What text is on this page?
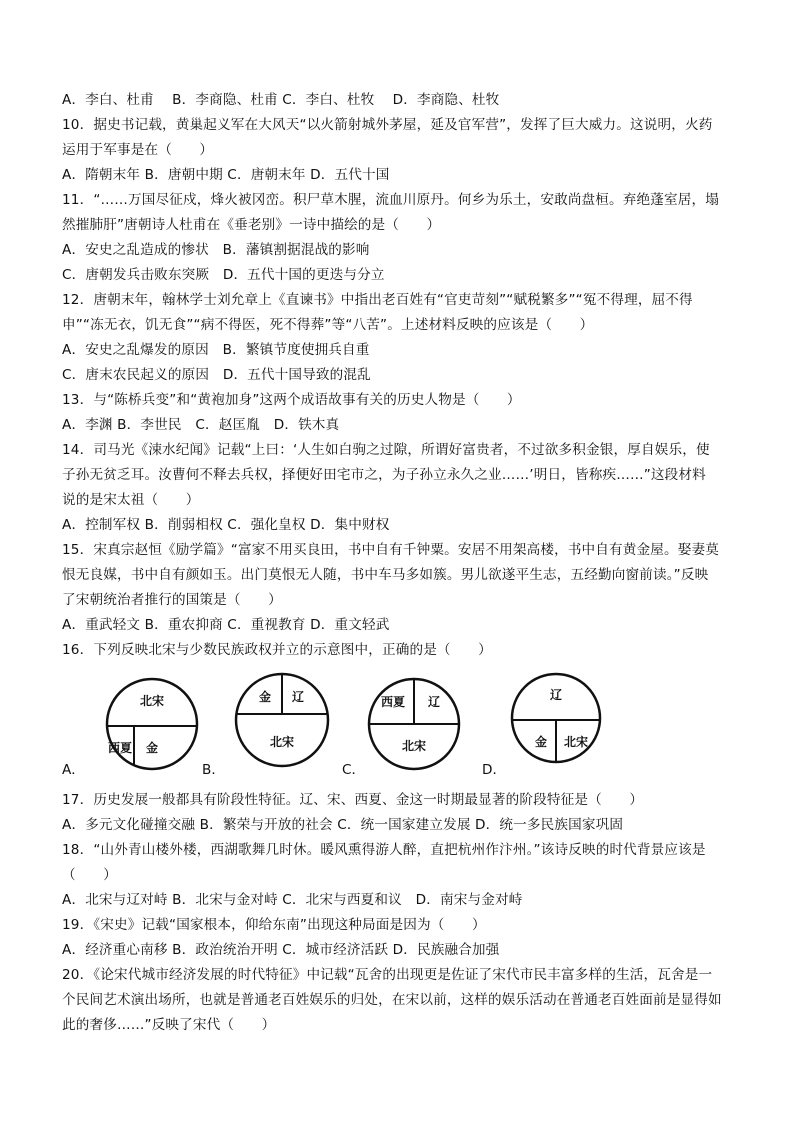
A．李白、杜甫　 B．李商隐、杜甫 C．李白、杜牧　 D．李商隐、杜牧
10．据史书记载，黄巢起义军在大风天“以火箭射城外茅屋，延及官军营”，发挥了巨大威力。这说明，火药
运用于军事是在（　　）
A．隋朝末年 B．唐朝中期 C．唐朝末年 D．五代十国
11．“……万国尽征戍，烽火被冈峦。积尸草木腥，流血川原丹。何乡为乐土，安敢尚盘桓。弃绝蓬室居，塌
然摧肺肝”唐朝诗人杜甫在《垂老别》一诗中描绘的是（　　）
A．安史之乱造成的惨状　B．藩镇割据混战的影响
C．唐朝发兵击败东突厥　D．五代十国的更迭与分立
12．唐朝末年，翰林学士刘允章上《直谏书》中指出老百姓有“官吏苛刻”“赋税繁多”“冤不得理，屈不得
申”“冻无衣，饥无食”“病不得医，死不得葬”等“八苦”。上述材料反映的应该是（　　）
A．安史之乱爆发的原因　B．繁镇节度使拥兵自重
C．唐末农民起义的原因　D．五代十国导致的混乱
13．与“陈桥兵变”和“黄袍加身”这两个成语故事有关的历史人物是（　　）
A．李渊 B．李世民　C．赵匡胤　D．铁木真
14．司马光《涑水纪闻》记载“上曰：‘人生如白驹之过隙，所谓好富贵者，不过欲多积金银，厚自娱乐，使
子孙无贫乏耳。汝曹何不释去兵权，择便好田宅市之，为子孙立永久之业……’明日，皆称疾……”这段材料
说的是宋太祖（　　）
A．控制军权 B．削弱相权 C．强化皇权 D．集中财权
15．宋真宗赵恒《励学篇》“富家不用买良田，书中自有千钟粟。安居不用架高楼，书中自有黄金屋。娶妻莫
恨无良媒，书中自有颜如玉。出门莫恨无人随，书中车马多如簇。男儿欲遂平生志，五经勤向窗前读。”反映
了宋朝统治者推行的国策是（　　）
A．重武轻文 B．重农抑商 C．重视教育 D．重文轻武
16．下列反映北宋与少数民族政权并立的示意图中，正确的是（　　）
A．
北宋
西夏 金
B．
金 辽
北宋
C．
西夏 辽
北宋
D．
辽
金 北宋
17．历史发展一般都具有阶段性特征。辽、宋、西夏、金这一时期最显著的阶段特征是（　　）
A．多元文化碰撞交融 B．繁荣与开放的社会 C．统一国家建立发展 D．统一多民族国家巩固
18．“山外青山楼外楼，西湖歌舞几时休。暖风熏得游人醉，直把杭州作汴州。”该诗反映的时代背景应该是
（　　）
A．北宋与辽对峙 B．北宋与金对峙 C．北宋与西夏和议　D．南宋与金对峙
19．《宋史》记载“国家根本，仰给东南”出现这种局面是因为（　　）
A．经济重心南移 B．政治统治开明 C．城市经济活跃 D．民族融合加强
20．《论宋代城市经济发展的时代特征》中记载“瓦舍的出现更是佐证了宋代市民丰富多样的生活，瓦舍是一
个民间艺术演出场所，也就是普通老百姓娱乐的归处，在宋以前，这样的娱乐活动在普通老百姓面前是显得如
此的奢侈……”反映了宋代（　　）
